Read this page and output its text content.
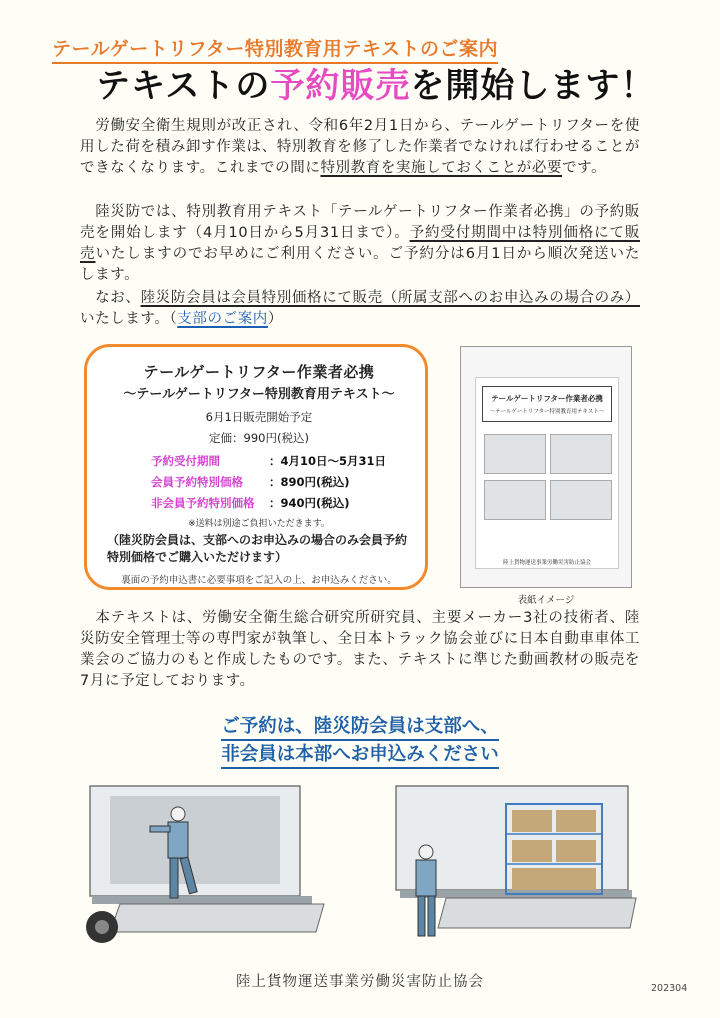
テールゲートリフター特別教育用テキストのご案内
テキストの予約販売を開始します！
　労働安全衛生規則が改正され、令和6年2月1日から、テールゲートリフターを使用した荷を積み卸す作業は、特別教育を修了した作業者でなければ行わせることができなくなります。これまでの間に特別教育を実施しておくことが必要です。
　陸災防では、特別教育用テキスト「テールゲートリフター作業者必携」の予約販売を開始します（4月10日から5月31日まで）。予約受付期間中は特別価格にて販売いたしますのでお早めにご利用ください。ご予約分は6月1日から順次発送いたします。
　なお、陸災防会員は会員特別価格にて販売（所属支部へのお申込みの場合のみ）いたします。（支部のご案内）
テールゲートリフター作業者必携
～テールゲートリフター特別教育用テキスト～
6月1日販売開始予定
定価：990円(税込)
予約受付期間	：4月10日～5月31日
会員予約特別価格 ：890円(税込)
非会員予約特別価格 ：940円(税込)
※送料は別途ご負担いただきます。
（陸災防会員は、支部へのお申込みの場合のみ会員予約特別価格でご購入いただけます）
裏面の予約申込書に必要事項をご記入の上、お申込みください。
テールゲートリフター作業者必携
～テールゲートリフター特別教育用テキスト～
陸上貨物運送事業労働災害防止協会
表紙イメージ
　本テキストは、労働安全衛生総合研究所研究員、主要メーカー3社の技術者、陸災防安全管理士等の専門家が執筆し、全日本トラック協会並びに日本自動車車体工業会のご協力のもと作成したものです。また、テキストに準じた動画教材の販売を7月に予定しております。
ご予約は、陸災防会員は支部へ、
非会員は本部へお申込みください
陸上貨物運送事業労働災害防止協会	202304
